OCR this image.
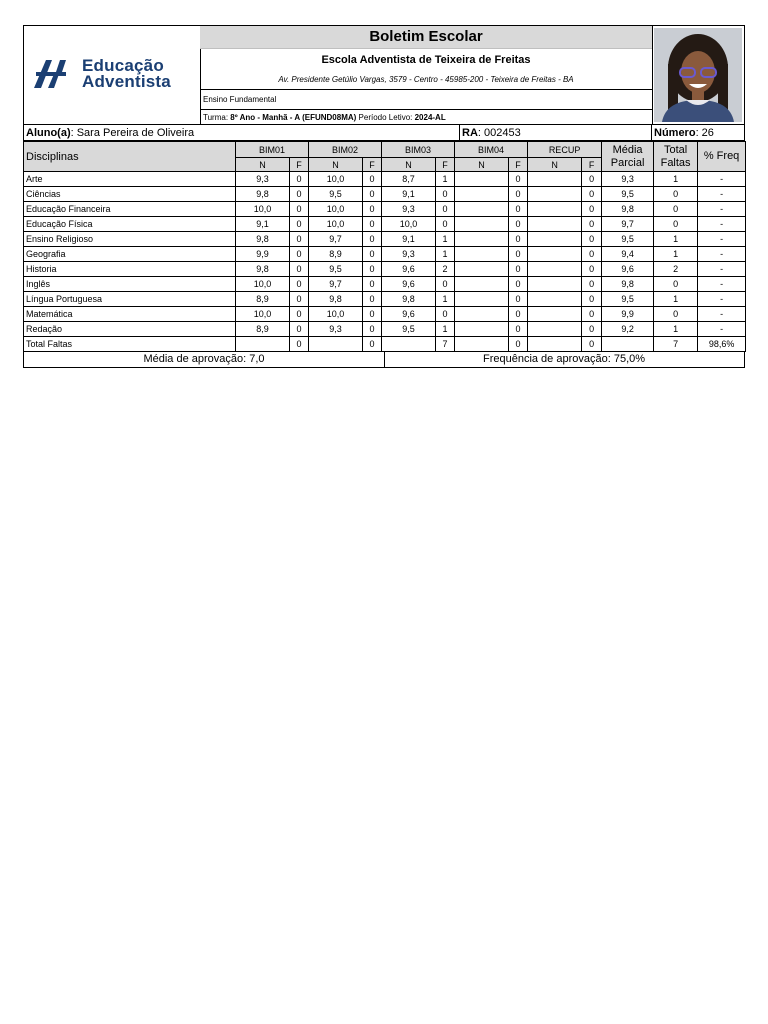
Educação
Adventista
Boletim Escolar
Escola Adventista de Teixeira de Freitas
Av. Presidente Getúlio Vargas, 3579 - Centro - 45985-200 - Teixeira de Freitas - BA
Ensino Fundamental
Turma: 8º Ano - Manhã - A (EFUND08MA) Período Letivo: 2024-AL
Aluno(a): Sara Pereira de Oliveira	RA: 002453	Número: 26
Disciplinas	BIM01		BIM02		BIM03		BIM04		RECUP		Média Parcial	Total Faltas	% Freq
	N	F	N	F	N	F	N	F	N	F			
Arte	9,3	0	10,0	0	8,7	1		0		0	9,3	1	-
Ciências	9,8	0	9,5	0	9,1	0		0		0	9,5	0	-
Educação Financeira	10,0	0	10,0	0	9,3	0		0		0	9,8	0	-
Educação Física	9,1	0	10,0	0	10,0	0		0		0	9,7	0	-
Ensino Religioso	9,8	0	9,7	0	9,1	1		0		0	9,5	1	-
Geografia	9,9	0	8,9	0	9,3	1		0		0	9,4	1	-
Historia	9,8	0	9,5	0	9,6	2		0		0	9,6	2	-
Inglês	10,0	0	9,7	0	9,6	0		0		0	9,8	0	-
Língua Portuguesa	8,9	0	9,8	0	9,8	1		0		0	9,5	1	-
Matemática	10,0	0	10,0	0	9,6	0		0		0	9,9	0	-
Redação	8,9	0	9,3	0	9,5	1		0		0	9,2	1	-
Total Faltas		0		0		7		0		0		7	98,6%
Média de aprovação: 7,0	Frequência de aprovação: 75,0%
